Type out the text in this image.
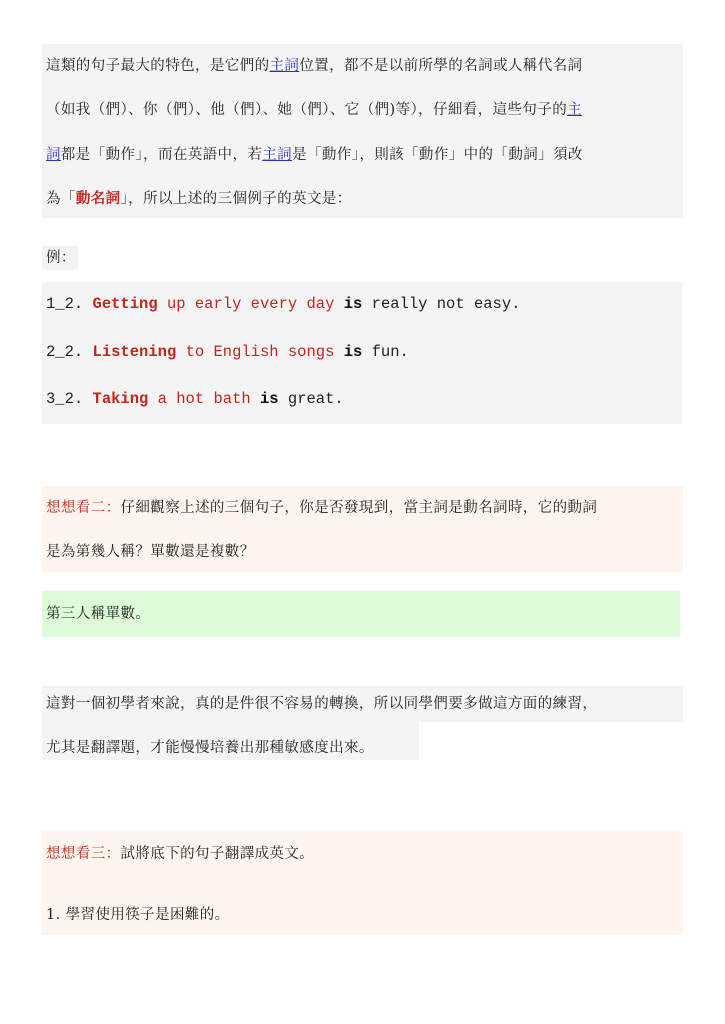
這類的句子最大的特色，是它們的主詞位置，都不是以前所學的名詞或人稱代名詞
（如我（們）、你（們）、他（們）、她（們）、它（們)等），仔細看，這些句子的主
詞都是「動作」，而在英語中，若主詞是「動作」，則該「動作」中的「動詞」須改
為「動名詞」，所以上述的三個例子的英文是：
例：
1_2. Getting up early every day is really not easy.
2_2. Listening to English songs is fun.
3_2. Taking a hot bath is great.
想想看二：仔細觀察上述的三個句子，你是否發現到，當主詞是動名詞時，它的動詞
是為第幾人稱？單數還是複數？
第三人稱單數。
這對一個初學者來說，真的是件很不容易的轉換，所以同學們要多做這方面的練習，
尤其是翻譯題，才能慢慢培養出那種敏感度出來。
想想看三：試將底下的句子翻譯成英文。
1. 學習使用筷子是困難的。
